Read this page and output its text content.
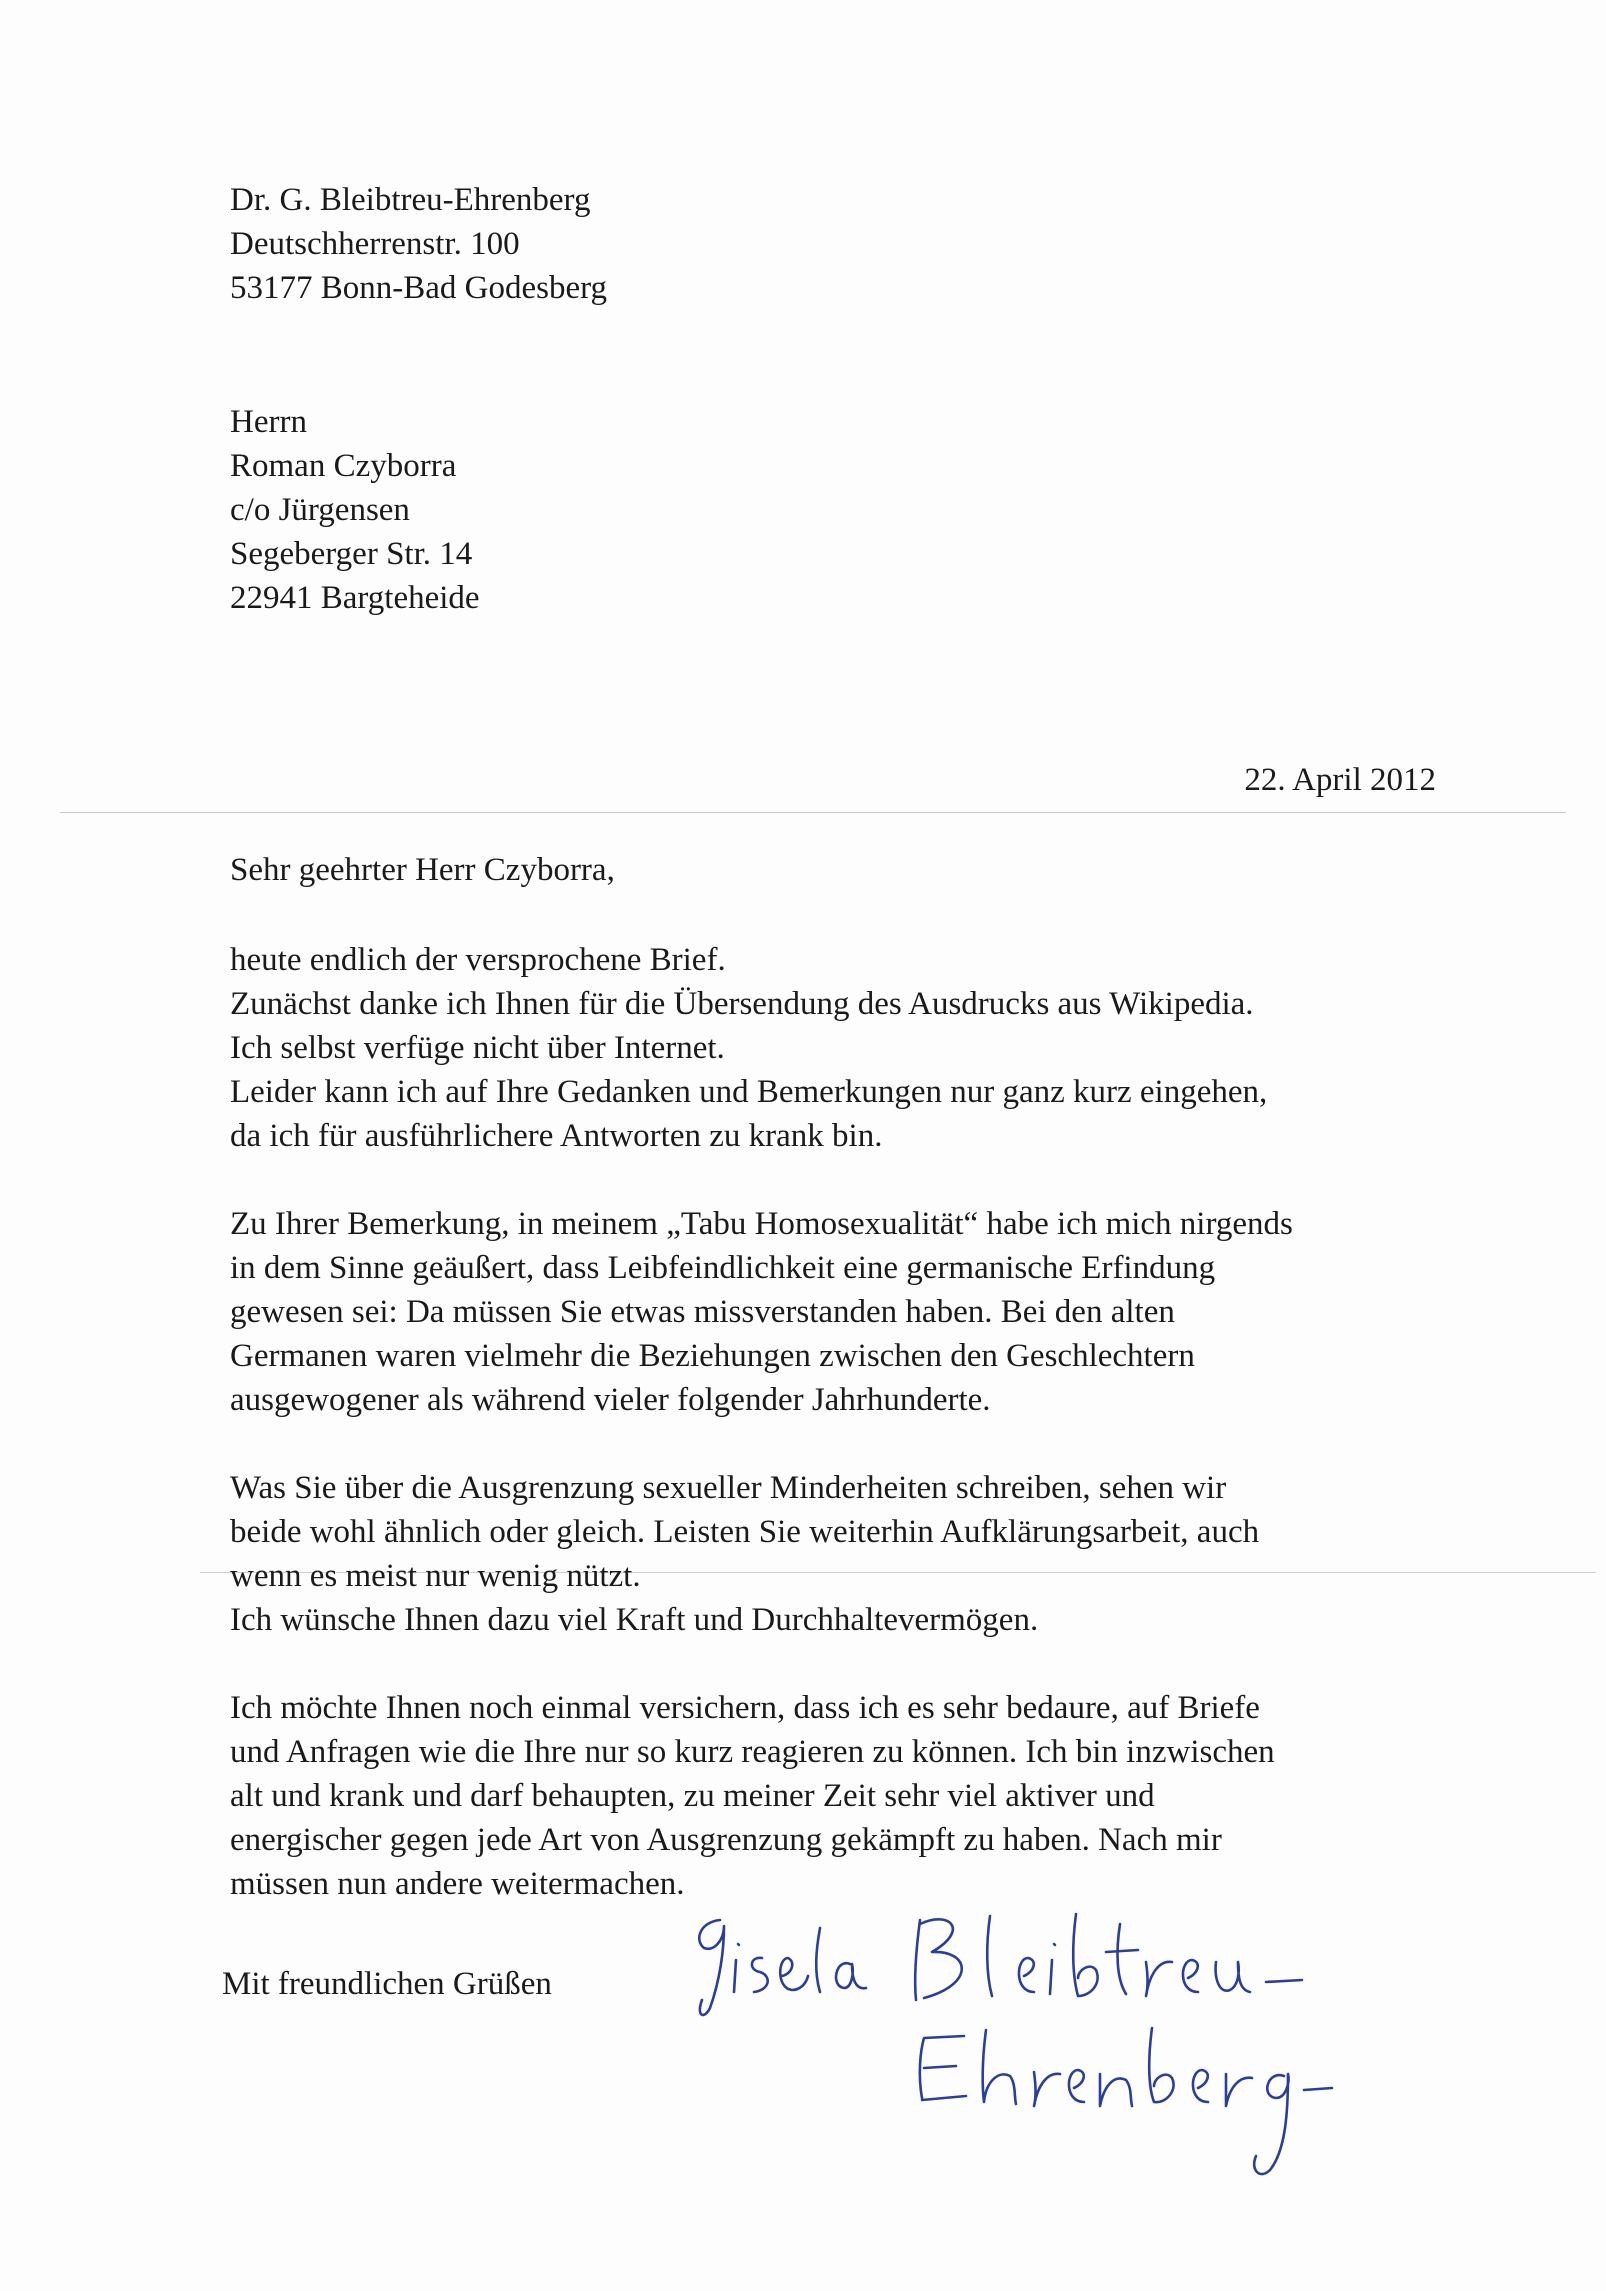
Dr. G. Bleibtreu-Ehrenberg
Deutschherrenstr. 100
53177 Bonn-Bad Godesberg
Herrn
Roman Czyborra
c/o Jürgensen
Segeberger Str. 14
22941 Bargteheide
22. April 2012
Sehr geehrter Herr Czyborra,
heute endlich der versprochene Brief.
Zunächst danke ich Ihnen für die Übersendung des Ausdrucks aus Wikipedia.
Ich selbst verfüge nicht über Internet.
Leider kann ich auf Ihre Gedanken und Bemerkungen nur ganz kurz eingehen,
da ich für ausführlichere Antworten zu krank bin.
Zu Ihrer Bemerkung, in meinem „Tabu Homosexualität“ habe ich mich nirgends
in dem Sinne geäußert, dass Leibfeindlichkeit eine germanische Erfindung
gewesen sei: Da müssen Sie etwas missverstanden haben. Bei den alten
Germanen waren vielmehr die Beziehungen zwischen den Geschlechtern
ausgewogener als während vieler folgender Jahrhunderte.
Was Sie über die Ausgrenzung sexueller Minderheiten schreiben, sehen wir
beide wohl ähnlich oder gleich. Leisten Sie weiterhin Aufklärungsarbeit, auch
wenn es meist nur wenig nützt.
Ich wünsche Ihnen dazu viel Kraft und Durchhaltevermögen.
Ich möchte Ihnen noch einmal versichern, dass ich es sehr bedaure, auf Briefe
und Anfragen wie die Ihre nur so kurz reagieren zu können. Ich bin inzwischen
alt und krank und darf behaupten, zu meiner Zeit sehr viel aktiver und
energischer gegen jede Art von Ausgrenzung gekämpft zu haben. Nach mir
müssen nun andere weitermachen.
Mit freundlichen Grüßen
